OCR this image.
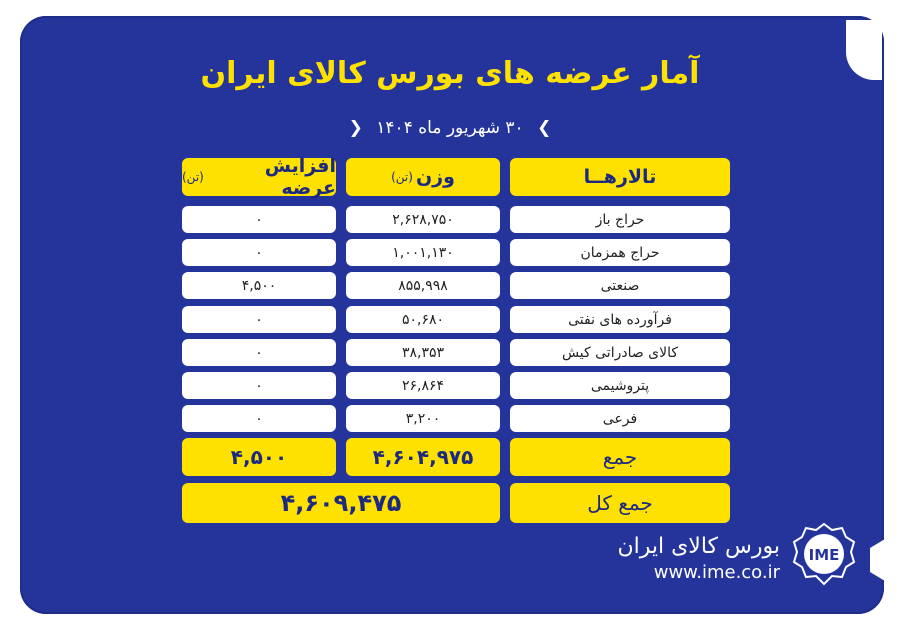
آمار عرضه های بورس کالای ایران
❯ ۳۰ شهریور ماه ۱۴۰۴ ❮
تالارهــا
وزن
(تن)
افزایش عرضه
(تن)
حراج باز
۲,۶۲۸,۷۵۰
۰
حراج همزمان
۱,۰۰۱,۱۳۰
۰
صنعتی
۸۵۵,۹۹۸
۴,۵۰۰
فرآورده های نفتی
۵۰,۶۸۰
۰
کالای صادراتی کیش
۳۸,۳۵۳
۰
پتروشیمی
۲۶,۸۶۴
۰
فرعی
۳,۲۰۰
۰
جمع
۴,۶۰۴,۹۷۵
۴,۵۰۰
جمع کل
۴,۶۰۹,۴۷۵
بورس کالای ایران
www.ime.co.ir
IME
